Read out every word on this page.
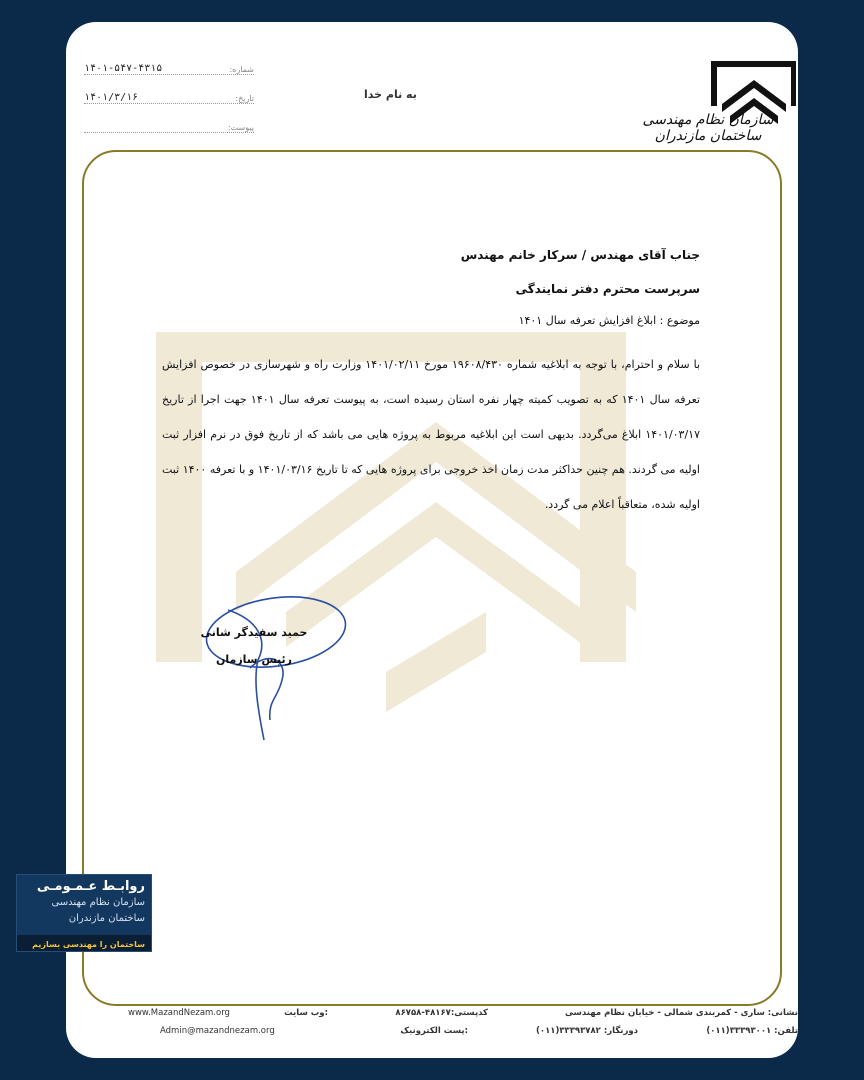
شماره:
۱۴۰۱-۵۴۷-۴۳۱۵
تاریخ:
۱۴۰۱/۳/۱۶
پیوست:
به نام خدا
سازمان نظام مهندسی ساختمان مازندران
جناب آقای مهندس / سرکار خانم مهندس
سرپرست محترم دفتر نمایندگی
موضوع : ابلاغ افزایش تعرفه سال ۱۴۰۱
با سلام و احترام، با توجه به ابلاغیه شماره ۱۹۶۰۸/۴۳۰ مورخ ۱۴۰۱/۰۲/۱۱ وزارت راه و شهرسازی در خصوص افزایش تعرفه سال ۱۴۰۱ که به تصویب کمیته چهار نفره استان رسیده است، به پیوست تعرفه سال ۱۴۰۱ جهت اجرا از تاریخ ۱۴۰۱/۰۳/۱۷ ابلاغ می‌گردد. بدیهی است این ابلاغیه مربوط به پروژه هایی می باشد که از تاریخ فوق در نرم افزار ثبت اولیه می گردند. هم چنین حداکثر مدت زمان اخذ خروجی برای پروژه هایی که تا تاریخ ۱۴۰۱/۰۳/۱۶ و با تعرفه ۱۴۰۰ ثبت اولیه شده، متعاقباً اعلام می گردد.
حمید سفیدگر شانی
رئیس سازمان
نشانی: ساری - کمربندی شمالی - خیابان نظام مهندسی
کدپستی:۴۸۱۶۷-۸۶۷۵۸
وب سایت:
www.MazandNezam.org
تلفن: ۳۳۳۹۳۰۰۱(۰۱۱)
دورنگار: ۳۳۳۹۳۷۸۲(۰۱۱)
پست الکترونیک:
Admin@mazandnezam.org
روابـط عـمـومـی
سازمان نظام مهندسی
ساختمان مازندران
ساختمان را مهندسی بسازیم
